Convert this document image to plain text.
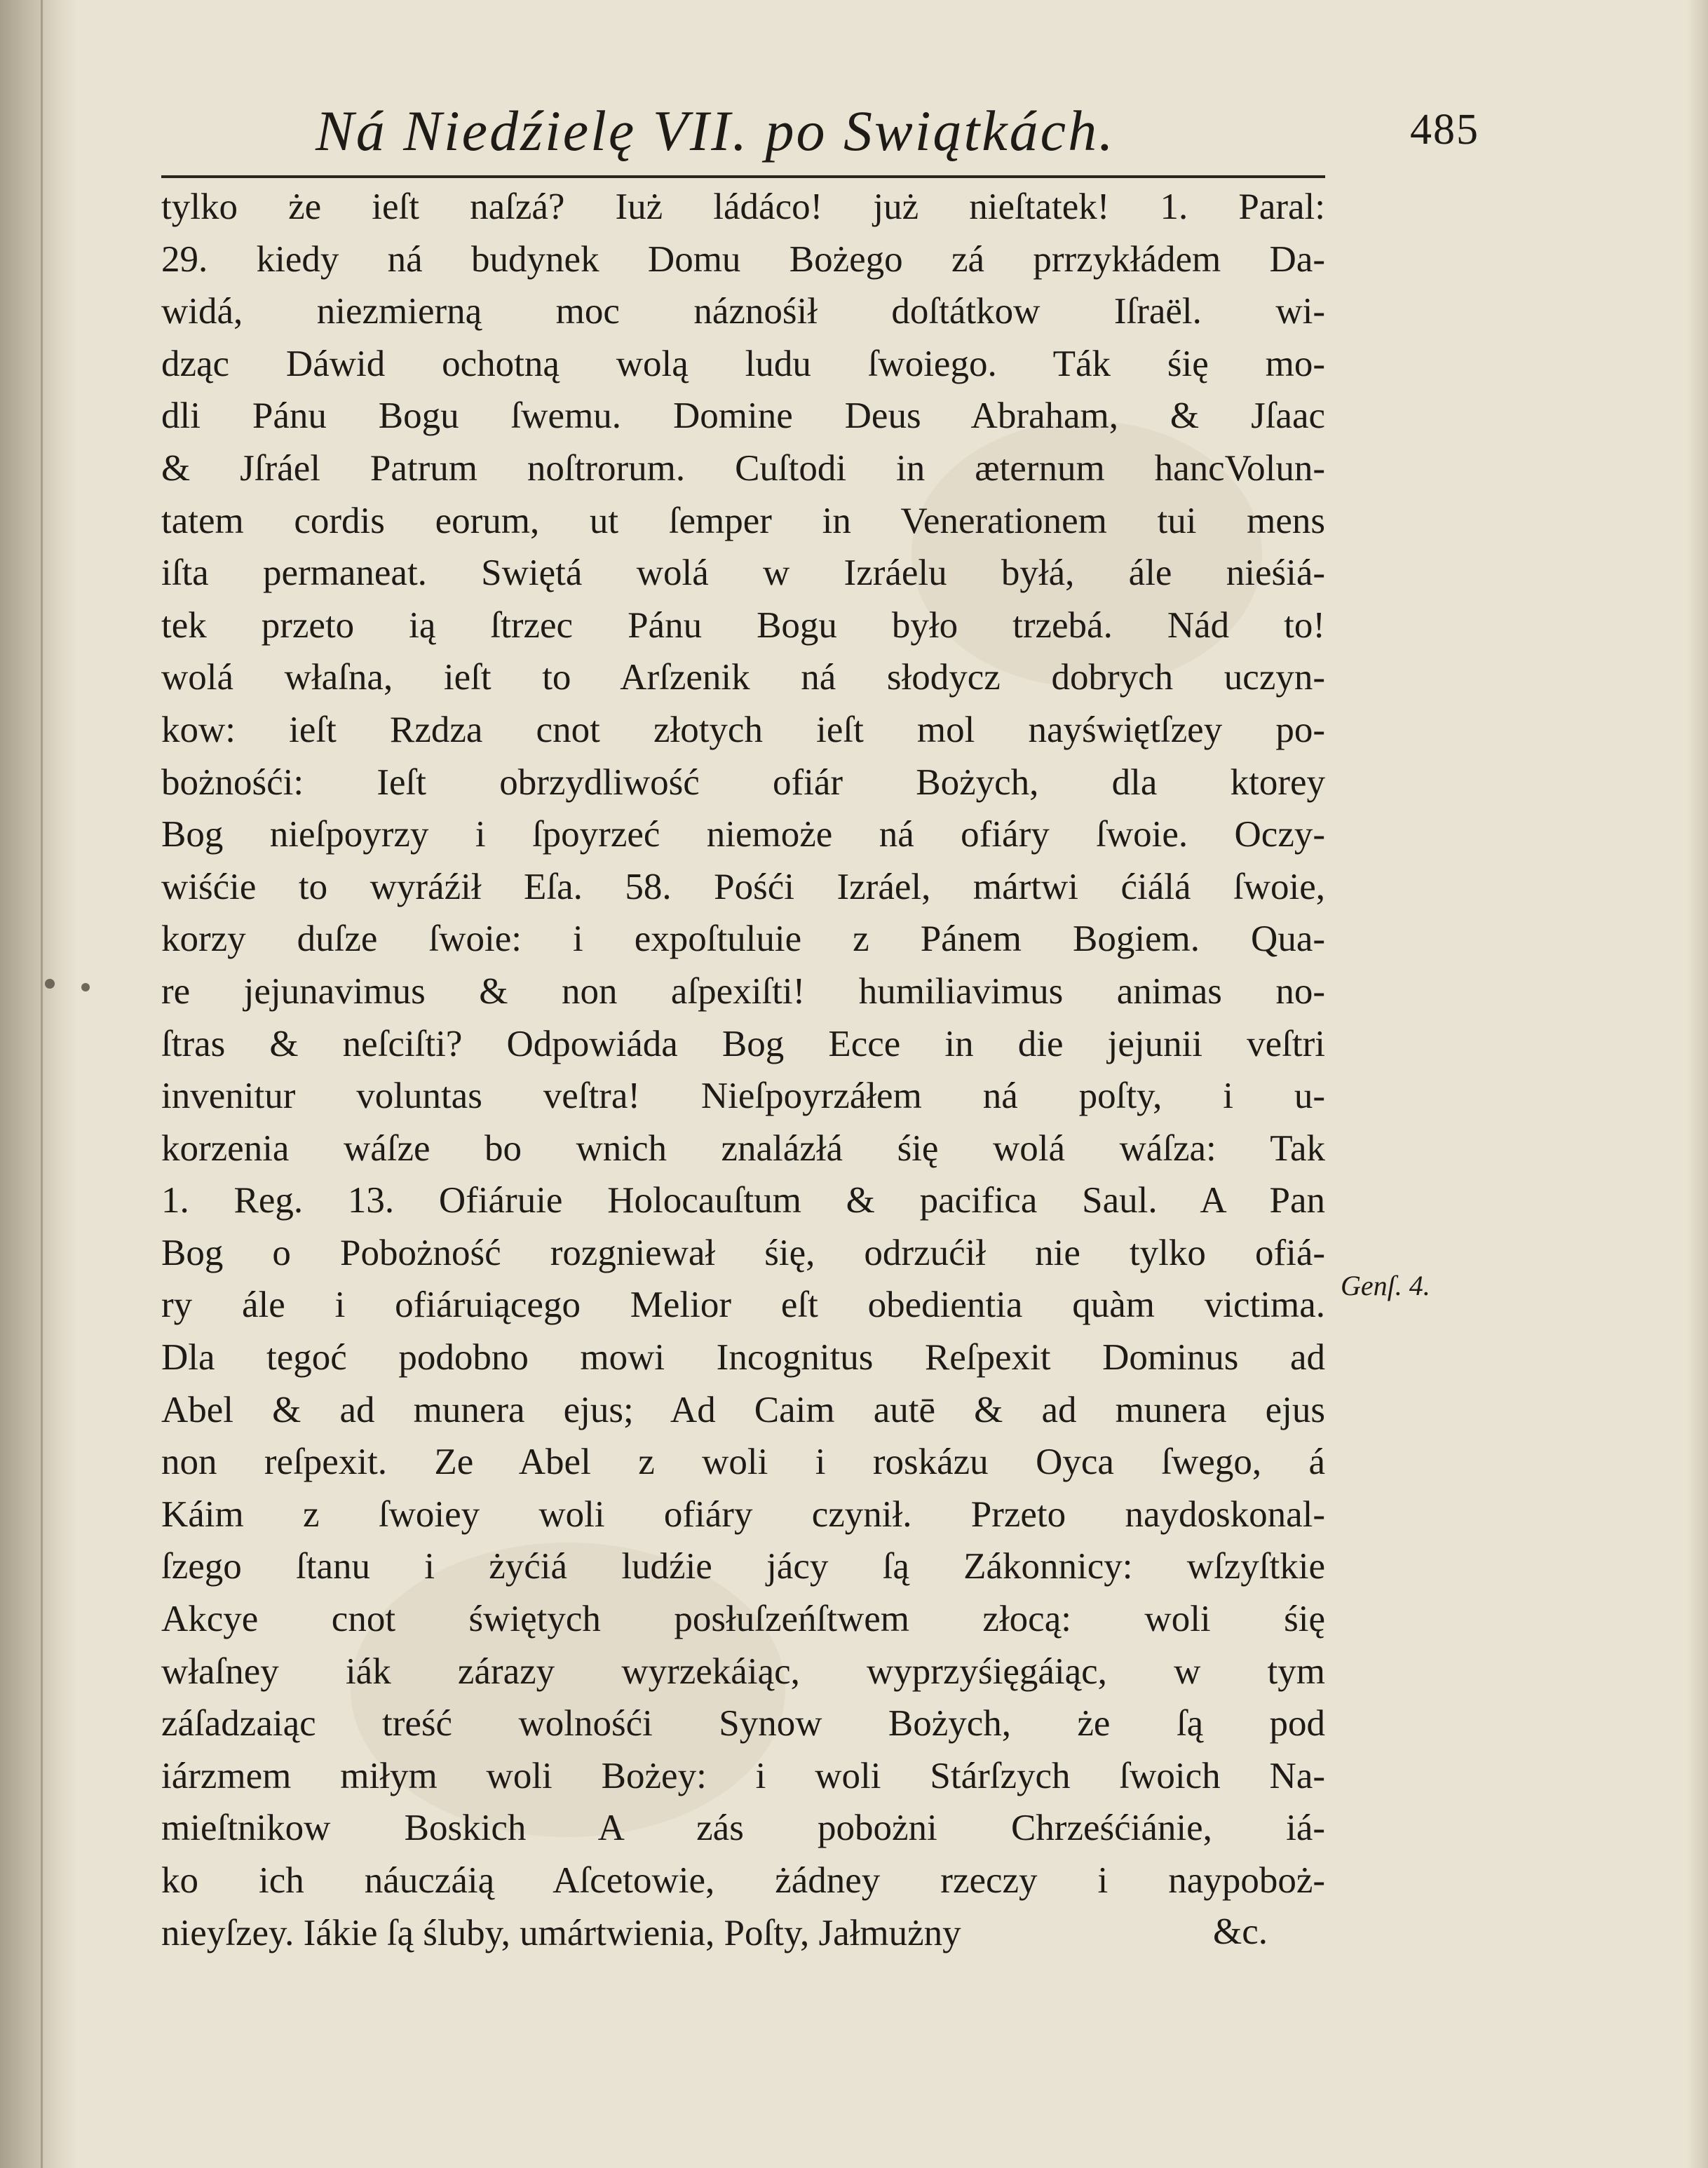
Ná Niedźielę VII. po Swiątkách.	485
tylko że ieſt naſzá? Iuż ládáco! już nieſtatek! 1. Paral:
29. kiedy ná budynek Domu Bożego zá prrzykłádem Da-
widá, niezmierną moc náznośił doſtátkow Iſraël. wi-
dząc Dáwid ochotną wolą ludu ſwoiego. Ták śię mo-
dli Pánu Bogu ſwemu. Domine Deus Abraham, & Jſaac
& Jſráel Patrum noſtrorum. Cuſtodi in æternum hancVolun-
tatem cordis eorum, ut ſemper in Venerationem tui mens
iſta permaneat. Swiętá wolá w Izráelu byłá, ále nieśiá-
tek przeto ią ſtrzec Pánu Bogu było trzebá. Nád to!
wolá właſna, ieſt to Arſzenik ná słodycz dobrych uczyn-
kow: ieſt Rzdza cnot złotych ieſt mol nayświętſzey po-
bożnośći: Ieſt obrzydliwość ofiár Bożych, dla ktorey
Bog nieſpoyrzy i ſpoyrzeć niemoże ná ofiáry ſwoie. Oczy-
wiśćie to wyráźił Eſa. 58. Pośći Izráel, mártwi ćiálá ſwoie,
korzy duſze ſwoie: i expoſtuluie z Pánem Bogiem. Qua-
re jejunavimus & non aſpexiſti! humiliavimus animas no-
ſtras & neſciſti? Odpowiáda Bog Ecce in die jejunii veſtri
invenitur voluntas veſtra! Nieſpoyrzáłem ná poſty, i u-
korzenia wáſze bo wnich znalázłá śię wolá wáſza: Tak
1. Reg. 13. Ofiáruie Holocauſtum & pacifica Saul. A Pan
Bog o Pobożność rozgniewał śię, odrzućił nie tylko ofiá-
ry ále i ofiáruiącego Melior eſt obedientia quàm victima.
Dla tegoć podobno mowi Incognitus Reſpexit Dominus ad
Abel & ad munera ejus; Ad Caim autē & ad munera ejus
non reſpexit. Ze Abel z woli i roskázu Oyca ſwego, á
Káim z ſwoiey woli ofiáry czynił. Przeto naydoskonal-
ſzego ſtanu i żyćiá ludźie jácy ſą Zákonnicy: wſzyſtkie
Akcye cnot świętych posłuſzeńſtwem złocą: woli śię
właſney iák zárazy wyrzekáiąc, wyprzyśięgáiąc, w tym
záſadzaiąc treść wolnośći Synow Bożych, że ſą pod
iárzmem miłym woli Bożey: i woli Stárſzych ſwoich Na-
mieſtnikow Boskich A zás pobożni Chrześćiánie, iá-
ko ich náuczáią Aſcetowie, żádney rzeczy i naypoboż-
nieyſzey. Iákie ſą śluby, umártwienia, Poſty, Jałmużny	&c.
Genſ. 4.
